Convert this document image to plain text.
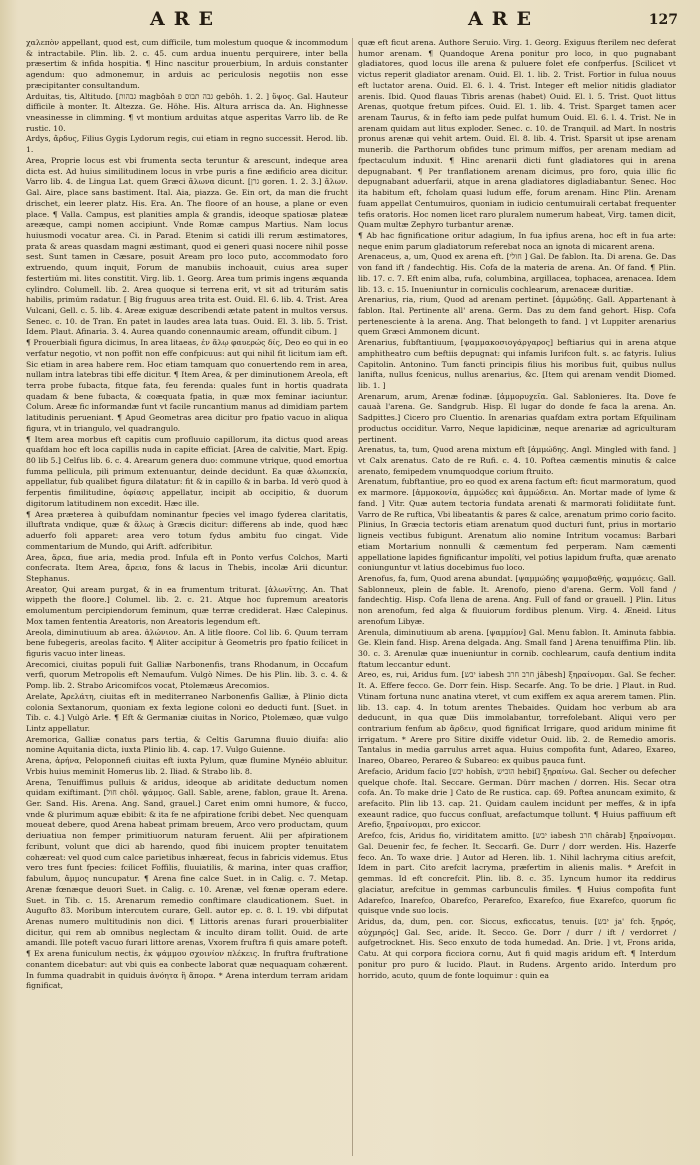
ARE	ARE	127

χαλεπὸν appellant, quod est, cum difficile, tum molestum quoque & incommodum & intractabile. Plin. lib. 2. c. 45. cum ardua inuentu perquirere, inter bella præsertim & infida hospitia. ¶ Hinc nascitur prouerbium, In arduis constanter agendum: quo admonemur, in arduis ac periculosis negotiis non esse præcipitanter consultandum.

Arduitas, tis, Altitudo. [גבהות magbôah גבה תבוס פ gebôh. 1. 2. ] ὕψος. Gal. Hauteur difficile à monter. It. Altezza. Ge. Höhe. His. Altura arrisca da. An. Highnesse vneasinesse in climming. ¶ vt montium arduitas atque asperitas Varro lib. de Re rustic. 10.

Ardys, ἄρδυς, Filius Gygis Lydorum regis, cui etiam in regno successit. Herod. lib. 1.

Area, Proprie locus est vbi frumenta secta teruntur & arescunt, indeque area dicta est. Ad huius similitudinem locus in vrbe puris a fine ædificio area dicitur. Varro lib. 4. de Lingua Lat. quem Græci ἅλωνα dicunt. [גרן goren. 1. 2. 3.] ἅλων. Gal. Aire, place sans bastiment. Ital. Aia, piazza. Ge. Ein ort, da man die frucht drischet, ein leerer platz. His. Era. An. The floore of an house, a plane or even place. ¶ Valla. Campus, est planities ampla & grandis, ideoque spatiosæ plateæ areæque, campi nomen accipiunt. Vnde Romæ campus Martius. Nam locus huiusmodi vocatur area. Ci. in Parad. Etenim si catidi illi rerum æstimatores, prata & areas quasdam magni æstimant, quod ei generi quasi nocere nihil posse sest. Sunt tamen in Cæsare, posuit Aream pro loco puto, accommodato foro extruendo, quum inquit, Forum de manubiis inchoauit, cuius area super festertiúm mi. lites constitit. Virg. lib. 1. Georg. Area tum primis ingens æquanda cylindro. Columell. lib. 2. Area quoque si terrena erit, vt sit ad triturám satis habilis, primúm radatur. [ Big fruguus area trita est. Ouid. El. 6. lib. 4. Trist. Area Vulcani, Gell. c. 5. lib. 4. Areæ exiguæ describendi ætate patent in multos versus. Senec. c. 10. de Tran. En patet in laudes area lata tuas. Ouid. El. 3. lib. 5. Trist. Idem. Plaut. Afinaria. 3. 4. Aurea quando conennaumic aream, offundit cibum. ]

¶ Prouerbiali figura dicimus, In area litaeas, ἐν ἅλῳ φαυερώς δίς, Deo eo qui in eo verfatur negotio, vt non poffit non effe confpicuus: aut qui nihil fit licitum iam eft. Sic etiam in area habere rem. Hoc etiam tamquam quo conuertendo rem in area, nullam intra latebras tibi effe dicitur. ¶ Item Area, & per diminutionem Areola, eft terra probe fubacta, fitque fata, feu ferenda: quales funt in hortis quadrata quadam & bene fubacta, & coæquata fpatia, in quæ mox feminar iaciuntur. Colum. Areæ fic informandæ funt vt facile runcantium manus ad dimidiam partem latitudinis perueniant. ¶ Apud Geometras area dicitur pro fpatio vacuo in aliqua figura, vt in triangulo, vel quadrangulo.

¶ Item area morbus eft capitis cum profluuio capillorum, ita dictus quod areas quafdam hoc eft loca capillis nuda in capite efficiat. [Area de calvitie, Mart. Epig. 80 lib 5.] Celfus lib. 6. c. 4. Arearum genera duo: commune vtrique, quod emortua fumma pellicula, pili primum extenuantur, deinde decidunt. Ea quæ ἀλωπεκία, appellatur, fub qualibet figura dilatatur: fit & in capillo & in barba. Id verò quod à ferpentis fimilitudine, ὀφίασις appellatur, incipit ab occipitio, & duorum digitorum latitudinem non excedit. Hæc ille.

¶ Area præterea à quibufdam nominantur fpecies vel imago fyderea claritatis, illuftrata vndique, quæ & ἅλως à Græcis dicitur: differens ab inde, quod hæc aduerfo foli apparet: area vero totum fydus ambitu fuo cingat. Vide commentarium de Mundo, qui Arift. adfcribitur.

Area, ἄρεα, fiue aria, media prod. Infula eft in Ponto verfus Colchos, Marti confecrata. Item Area, ἄρεια, fons & lacus in Thebis, incolæ Arii dicuntur. Stephanus.

Areator, Qui aream purgat, & in ea frumentum triturat. [ἁλωνῖτης. An. That wippeth the floore.] Columel. lib. 2. c. 21. Atque hoc fupremum areatoris emolumentum percipiendorum feminum, quæ terræ crediderat. Hæc Calepinus. Mox tamen fententia Areatoris, non Areatoris legendum eft.

Areola, diminutiuum ab area. ἁλώνιον. An. A litle floore. Col lib. 6. Quum terram bene fubegeris, areolas facito. ¶ Aliter accipitur à Geometris pro fpatio fcilicet in figuris vacuo inter lineas.

Arecomici, ciuitas populi fuit Galliæ Narbonenfis, trans Rhodanum, in Occafum verfi, quorum Metropolis eft Nemaufum. Vulgò Nimes. De his Plin. lib. 3. c. 4. & Pomp. lib. 2. Strabo Aricomifcos vocat, Ptolemæus Arecomios.

Arelate, Ἀρελάτη, ciuitas eft in mediterraneo Narbonenfis Galliæ, à Plinio dicta colonia Sextanorum, quoniam ex fexta legione coloni eo deducti funt. [Suet. in Tib. c. 4.] Vulgò Arle. ¶ Eft & Germaniæ ciuitas in Norico, Ptolemæo, quæ vulgo Lintz appellatur.

Aremorica, Galliæ conatus pars tertia, & Celtis Garumna fluuio diuifa: alio nomine Aquitania dicta, iuxta Plinio lib. 4. cap. 17. Vulgo Guienne.

Arena, ἀρήνα, Peloponnefi ciuitas eft iuxta Pylum, quæ flumine Mynéio abluitur. Vrbis huius meminit Homerus lib. 2. Iliad. & Strabo lib. 8.

Arena, Tenuiffimus pulluis & aridus, ideoque ab ariditate deductum nomen quidam exiftimant. [חול chôl. ψάμμος. Gall. Sable, arene, fablon, graue It. Arena. Ger. Sand. His. Arena. Ang. Sand, grauel.] Caret enim omni humore, & fucco, vnde & plurimum aquæ ebibit: & ita fe ne afpiratione fcribi debet. Nec quenquam moueat debere, quod Arena habeat primam breuem, Arco vero productam, quum deriuatiua non femper primitiuorum naturam feruent. Alii per afpirationem fcribunt, volunt que dici ab harendo, quod fibi inuicem propter tenuitatem cohæreat: vel quod cum calce parietibus inhæreat, fecus in fabricis videmus. Etus vero tres funt fpecies: fcilicet Foffilis, fluuiatilis, & marina, inter quas craffior, fabulum, ἄμμος nuncupatur. ¶ Arena fine calce Suet. in in Calig. c. 7. Metap. Arenæ fœnæque deuori Suet. in Calig. c. 10. Arenæ, vel fœnæ operam edere. Suet. in Tib. c. 15. Arenarum remedio conftimare claudicationem. Suet. in Augufto 83. Moribum intercutem curare, Gell. autor ep. c. 8. l. 19. vbi difputat Arenas numero multitudinis non dici. ¶ Littoris arenas furari prouerbialiter dicitur, qui rem ab omnibus neglectam & inculto diram tollit. Ouid. de arte amandi. Ille poteft vacuo furari littore arenas, Vxorem fruftra fi quis amare poteft. ¶ Ex arena funiculum nectis, ἐκ ψάμμου σχοινίον πλέκεις. In fruftra fruftratione conantem dicebatur: aut vbi quis ea conbecte laborat quæ nequaquam cohærent. In fumma quadrabit in quiduis ἀνόητα ἢ ἄπορα. * Arena interdum terram aridam fignificat,

quæ eft ficut arena. Authore Seruio. Virg. 1. Georg. Exiguus fterilem nec deferat humor arenam. ¶ Quandoque Arena ponitur pro loco, in quo pugnabant gladiatores, quod locus ille arena & puluere folet efe confperfus. [Scilicet vt victus reperit gladiator arenam. Ouid. El. 1. lib. 2. Trist. Fortior in fulua nouus eft luctator arena. Ouid. El. 6. l. 4. Trist. Integer eft melior nitidis gladiator arenis. Ibid. Quod flauas Tibris arenas (habet) Ouid. El. l. 5. Trist. Quot littus Arenas, quotque fretum pifces. Ouid. El. 1. lib. 4. Trist. Sparget tamen acer arenam Taurus, & in fefto iam pede pulfat humum Ouid. El. 6. l. 4. Trist. Ne in arenam quidam aut litus exploder. Senec. c. 10. de Tranquil. ad Mart. In nostris pronus arenæ qui vehit artem. Ouid. El. 8. lib. 4. Trist. Sparsit ut ipse arenam munerib. die Parthorum obfides tunc primum miffos, per arenam mediam ad fpectaculum induxit. ¶ Hinc arenarii dicti funt gladiatores qui in arena depugnabant. ¶ Per tranflationem arenam dicimus, pro foro, quia illic fic depugnabant aduerfarii, atque in arena gladiatores digladiabantur. Senec. Hoc ita habitum eft, fcholam quasi ludum effe, forum arenam. Hinc Plin. Arenam fuam appellat Centumuiros, quoniam in iudicio centumuirali certabat frequenter tefis oratoris. Hoc nomen licet raro pluralem numerum habeat, Virg. tamen dicit, Quam multæ Zephyro turbantur arenæ.

¶ Ab hac fignificatione oritur adagium, In fua ipfius arena, hoc eft in fua arte: neque enim parum gladiatorum referebat noca an ignota di micarent arena.

Arenaceus, a, um, Quod ex arena eft. [חולי ] Gal. De fablon. Ita. Di arena. Ge. Das von fand ift / fandechtig. His. Cofa de la materia de arena. An. Of fand. ¶ Plin. lib. 17. c. 7. Eft enim alba, rufa, columbina, argillacea, tophacea, arenacea. Idem lib. 13. c. 15. Inueniuntur in corniculis cochlearum, arenaceæ duritiæ.

Arenarius, ria, rium, Quod ad arenam pertinet. [ἀμμώδης. Gall. Appartenant à fablon. Ital. Pertinente all' arena. Germ. Das zu dem fand gehort. Hisp. Cofa pertenesciente à la arena. Ang. That belongeth to fand. ] vt Luppiter arenarius quem Græci Ammonem dicunt.

Arenarius, fubftantiuum, [ψαμμακοσιογάργαρος] beftiarius qui in arena atque amphitheatro cum beftiis depugnat: qui infamis Iurifcon fult. s. ac fatyris. Iulius Capitolin. Antonino. Tum fancti principis filius his moribus fuit, quibus nullus lanifta, nullus fcenicus, nullus arenarius, &c. [Item qui arenam vendit Diomed. lib. 1. ]

Arenarum, arum, Arenæ fodinæ. [ἀμμορυχεῖα. Gal. Sablonieres. Ita. Dove fe cauaà l'arena. Ge. Sandgrub. Hisp. El lugar do donde fe faca la arena. An. Sadpittes.] Cicero pro Cluentio. In arenarias quafdam extra portam Efquilinam productus occiditur. Varro, Neque lapidicinæ, neque arenariæ ad agriculturam pertinent.

Arenatus, ta, tum, Quod arena mixtum eft [ἀμμώδης. Angl. Mingled with fand. ] vt Calx arenatus. Cato de re Rufi. c. 4. 10. Poftea cæmentis minutis & calce arenato, femipedem vnumquodque corium ftruito.

Arenatum, fubftantiue, pro eo quod ex arena factum eft: ficut marmoratum, quod ex marmore. [ἀμμοκονία, ἀμμώδες καὶ ἄμμώδεια. An. Mortar made of lyme & fand. ] Vitr. Quæ autem tectoria fundata arenati & marmorati folidiitate funt. Varro de Re ruftica, Vbi libeatantis & pares & calce, arenatum primo corio facito. Plinius, In Græcia tectoris etiam arenatum quod ducturi funt, prius in mortario ligneis vectibus fubigunt. Arenatum alio nomine Intritum vocamus: Barbari etiam Mortarium nonnulli & cæmentum fed perperam. Nam cæmenti appellatione lapides fignificantur impolíti, vel potius lapidum frufta, quæ arenato coniunguntur vt latius docebimus fuo loco.

Arenofus, fa, fum, Quod arena abundat. [ψαμμώδης ψαμμοβαθής, ψαμμόεις. Gall. Sablonneux, plein de fable. It. Arenofo, pieno d'arena. Germ. Voll fand / fandechtig. Hisp. Cofa llena de arena. Ang. Full of fand or grauell. ] Plin. Litus non arenofum, fed alga & fluuiorum fordibus plenum. Virg. 4. Æneid. Litus arenofum Libyæ.

Arenula, diminutiuum ab arena. [ψαμμίον] Gal. Menu fablon. It. Aminuta fabbia. Ge. Klein fand. Hisp. Arena delgada. Ang. Small fand ] Arena tenuiffima Plin. lib. 30. c. 3. Arenulæ quæ inueniuntur in cornib. cochlearum, caufa dentium indita ftatum leccantur edunt.

Areo, es, rui, Aridus fum. [יבש iabesh חרב חרב jâbesh] ξηραίνομαι. Gal. Se fecher. It. A. Effere fecco. Ge. Dorr fein. Hisp. Secarfe. Ang. To be drie. ] Plaut. in Rud. Vtinam fortuna nunc anatina vteret, vt cum exiffem ex aqua arerem tamen. Plin. lib. 13. cap. 4. In totum arentes Thebaides. Quidam hoc verbum ab ara deducunt, in qua quæ Diis immolabantur, torrefolebant. Aliqui vero per contrarium fenfum ab ἄρδειν, quod fignificat Irrigare, quod aridum minime fit irrigatum. * Arere pro Sitire dixiffe videtur Ouid. lib. 2. de Remedio amoris. Tantalus in media garrulus arret aqua. Huius compofita funt, Adareo, Exareo, Inareo, Obareo, Perareo & Subareo: ex quibus pauca funt.

Arefacio, Aridum facio [יבש hobîsh, הוביש hebiſ] ξηραίνω. Gal. Secher ou defecher quelque chofe. Ital. Seccare. German. Dürr machen / dorren. His. Secar otra cofa. An. To make drie ] Cato de Re rustica. cap. 69. Poftea anuncam eximito, & arefacito. Plin lib 13. cap. 21. Quidam caulem incidunt per meffes, & in ipfa exeaunt radice, quo fuccus confluat, arefactumque tollunt. ¶ Huius paffiuum eft Arefio, ξηραίνομαι, pro exiccor.

Arefco, fcis, Aridus fio, viriditatem amitto. [יבש iabesh חרב chârab] ξηραίνομαι. Gal. Deuenir fec, fe fecher. It. Seccarfi. Ge. Durr / dorr werden. His. Hazerfe feco. An. To waxe drie. ] Autor ad Heren. lib. 1. Nihil lachryma citius arefcit, Idem in part. Cito arefcit lacryma, præfertim in alienis malis. * Arefcit in gemmas. Id eft concrefcit. Plin. lib. 8. c. 35. Lyncum humor ita reddirus glaciatur, arefcitue in gemmas carbunculis fimiles. ¶ Huius compofita funt Adarefco, Inarefco, Obarefco, Perarefco, Exarefco, fiue Exarefco, quorum fic quisque vnde suo locis.

Aridus, da, dum, pen. cor. Siccus, exficcatus, tenuis. [יבש ja' fch. ξηρός, αὐχμηρός] Gal. Sec, aride. It. Secco. Ge. Dorr / durr / ift / verdorret / aufgetrocknet. His. Seco enxuto de toda humedad. An. Drie. ] vt, Frons arida, Catu. At qui corpora ficciora cornu, Aut fi quid magis aridum eft. ¶ Interdum ponitur pro puro & lucido. Plaut. in Rudens. Argento arido. Interdum pro horrido, acuto, quum de fonte loquimur : quin ea
